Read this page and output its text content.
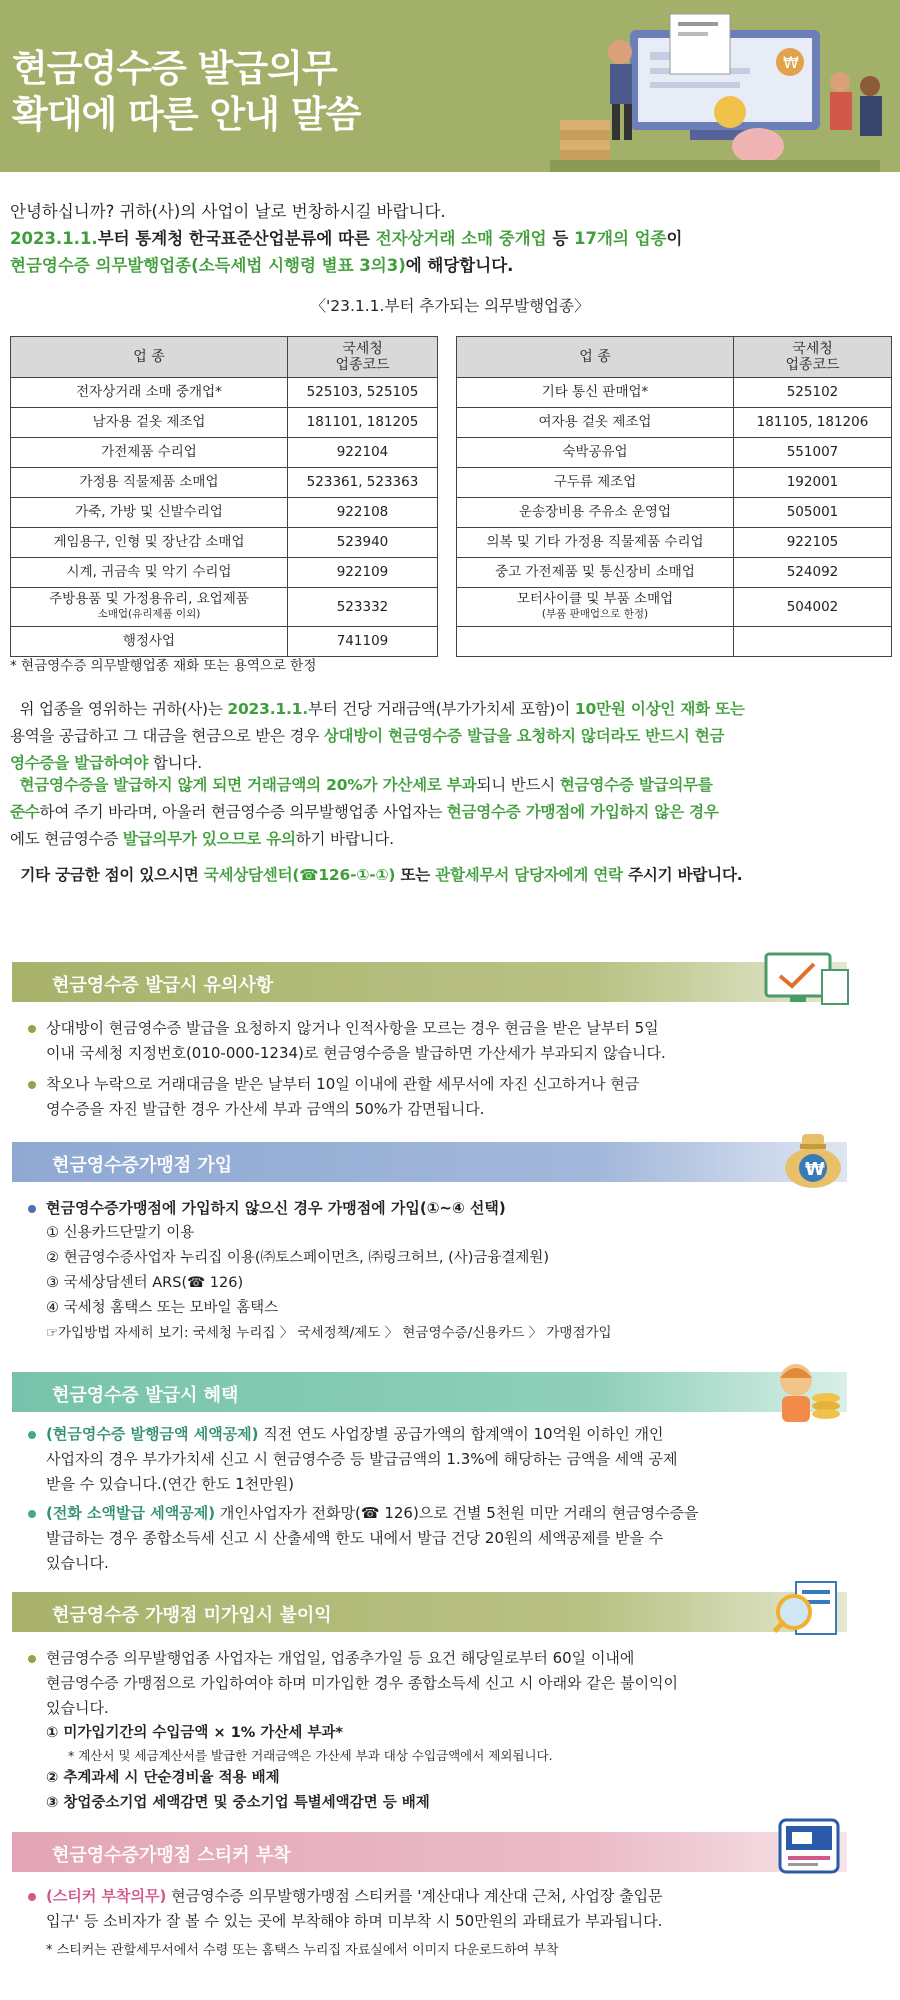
현금영수증 발급의무
확대에 따른 안내 말씀
₩
안녕하십니까? 귀하(사)의 사업이 날로 번창하시길 바랍니다.
2023.1.1.부터 통계청 한국표준산업분류에 따른 전자상거래 소매 중개업 등 17개의 업종이
현금영수증 의무발행업종(소득세법 시행령 별표 3의3)에 해당합니다.
〈'23.1.1.부터 추가되는 의무발행업종〉
업 종	국세청
업종코드

전자상거래 소매 중개업*	525103, 525105

남자용 겉옷 제조업	181101, 181205

가전제품 수리업	922104

가정용 직물제품 소매업	523361, 523363

가죽, 가방 및 신발수리업	922108

게임용구, 인형 및 장난감 소매업	523940

시계, 귀금속 및 악기 수리업	922109

주방용품 및 가정용유리, 요업제품
소매업(유리제품 이외)	523332

행정사업	741109
업 종	국세청
업종코드

기타 통신 판매업*	525102

여자용 겉옷 제조업	181105, 181206

숙박공유업	551007

구두류 제조업	192001

운송장비용 주유소 운영업	505001

의복 및 기타 가정용 직물제품 수리업	922105

중고 가전제품 및 통신장비 소매업	524092

모터사이클 및 부품 소매업
(부품 판매업으로 한정)	504002

* 현금영수증 의무발행업종 재화 또는 용역으로 한정
위 업종을 영위하는 귀하(사)는 2023.1.1.부터 건당 거래금액(부가가치세 포함)이 10만원 이상인 재화 또는
용역을 공급하고 그 대금을 현금으로 받은 경우 상대방이 현금영수증 발급을 요청하지 않더라도 반드시 현금
영수증을 발급하여야 합니다.
현금영수증을 발급하지 않게 되면 거래금액의 20%가 가산세로 부과되니 반드시 현금영수증 발급의무를
준수하여 주기 바라며, 아울러 현금영수증 의무발행업종 사업자는 현금영수증 가맹점에 가입하지 않은 경우
에도 현금영수증 발급의무가 있으므로 유의하기 바랍니다.
기타 궁금한 점이 있으시면 국세상담센터(☎126-①-①) 또는 관할세무서 담당자에게 연락 주시기 바랍니다.
현금영수증 발급시 유의사항
상대방이 현금영수증 발급을 요청하지 않거나 인적사항을 모르는 경우 현금을 받은 날부터 5일
이내 국세청 지정번호(010-000-1234)로 현금영수증을 발급하면 가산세가 부과되지 않습니다.
착오나 누락으로 거래대금을 받은 날부터 10일 이내에 관할 세무서에 자진 신고하거나 현금
영수증을 자진 발급한 경우 가산세 부과 금액의 50%가 감면됩니다.
현금영수증가맹점 가입	₩
현금영수증가맹점에 가입하지 않으신 경우 가맹점에 가입(①~④ 선택)
① 신용카드단말기 이용
② 현금영수증사업자 누리집 이용(㈜토스페이먼츠, ㈜링크허브, (사)금융결제원)
③ 국세상담센터 ARS(☎ 126)
④ 국세청 홈택스 또는 모바일 홈택스
☞가입방법 자세히 보기: 국세청 누리집 〉 국세정책/제도 〉 현금영수증/신용카드 〉 가맹점가입
현금영수증 발급시 혜택
(현금영수증 발행금액 세액공제) 직전 연도 사업장별 공급가액의 합계액이 10억원 이하인 개인
사업자의 경우 부가가치세 신고 시 현금영수증 등 발급금액의 1.3%에 해당하는 금액을 세액 공제
받을 수 있습니다.(연간 한도 1천만원)
(전화 소액발급 세액공제) 개인사업자가 전화망(☎ 126)으로 건별 5천원 미만 거래의 현금영수증을
발급하는 경우 종합소득세 신고 시 산출세액 한도 내에서 발급 건당 20원의 세액공제를 받을 수
있습니다.
현금영수증 가맹점 미가입시 불이익
현금영수증 의무발행업종 사업자는 개업일, 업종추가일 등 요건 해당일로부터 60일 이내에
현금영수증 가맹점으로 가입하여야 하며 미가입한 경우 종합소득세 신고 시 아래와 같은 불이익이
있습니다.
① 미가입기간의 수입금액 × 1% 가산세 부과*
* 계산서 및 세금계산서를 발급한 거래금액은 가산세 부과 대상 수입금액에서 제외됩니다.
② 추계과세 시 단순경비율 적용 배제
③ 창업중소기업 세액감면 및 중소기업 특별세액감면 등 배제
현금영수증가맹점 스티커 부착
(스티커 부착의무) 현금영수증 의무발행가맹점 스티커를 '계산대나 계산대 근처, 사업장 출입문
입구' 등 소비자가 잘 볼 수 있는 곳에 부착해야 하며 미부착 시 50만원의 과태료가 부과됩니다.
* 스티커는 관할세무서에서 수령 또는 홈택스 누리집 자료실에서 이미지 다운로드하여 부착
